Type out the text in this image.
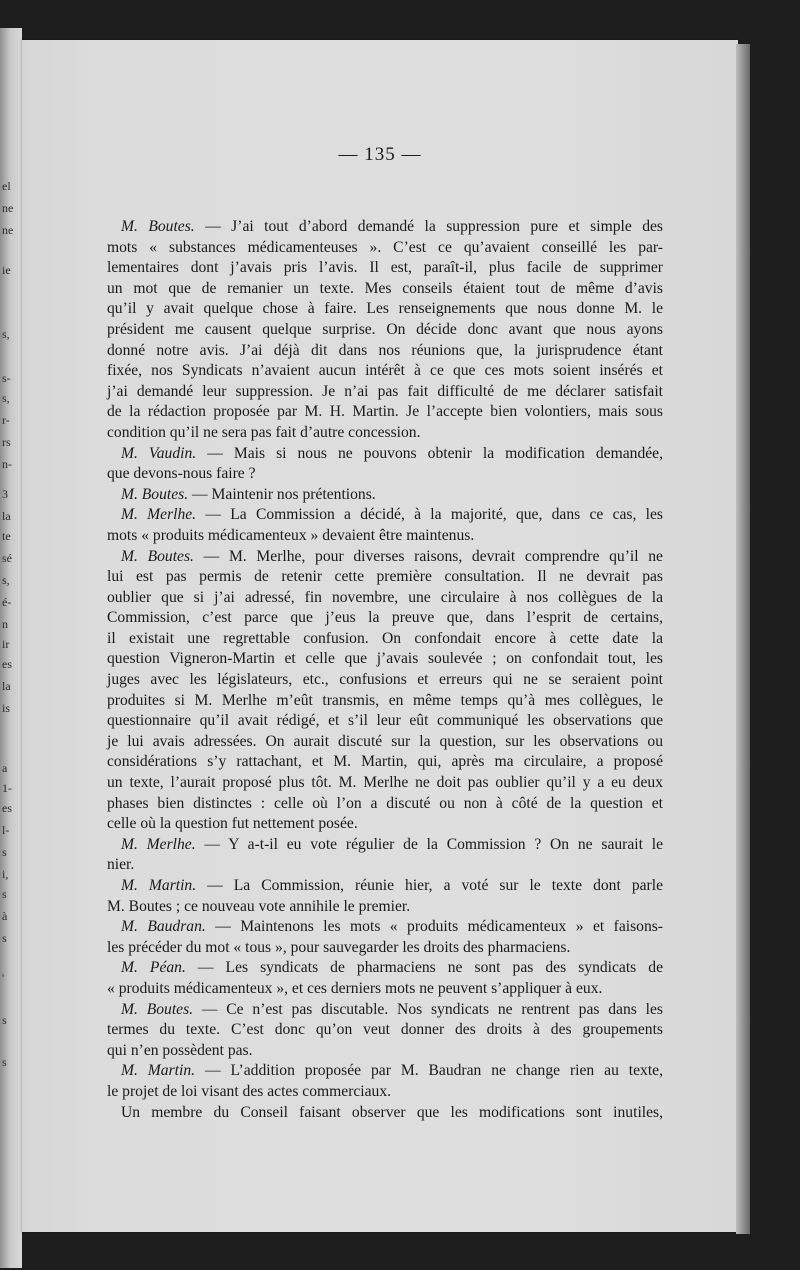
el
ne
ne
ie
s,
s-
s,
r-
rs
n-
3
la
te
sé
s,
é-
n
ir
es
la
is
a
1-
es
l-
s
i,
s
à
s
'
s
s
— 135 —
M. Boutes. — J’ai tout d’abord demandé la suppression pure et simple des
mots « substances médicamenteuses ». C’est ce qu’avaient conseillé les par-
lementaires dont j’avais pris l’avis. Il est, paraît-il, plus facile de supprimer
un mot que de remanier un texte. Mes conseils étaient tout de même d’avis
qu’il y avait quelque chose à faire. Les renseignements que nous donne M. le
président me causent quelque surprise. On décide donc avant que nous ayons
donné notre avis. J’ai déjà dit dans nos réunions que, la jurisprudence étant
fixée, nos Syndicats n’avaient aucun intérêt à ce que ces mots soient insérés et
j’ai demandé leur suppression. Je n’ai pas fait difficulté de me déclarer satisfait
de la rédaction proposée par M. H. Martin. Je l’accepte bien volontiers, mais sous
condition qu’il ne sera pas fait d’autre concession.
M. Vaudin. — Mais si nous ne pouvons obtenir la modification demandée,
que devons-nous faire ?
M. Boutes. — Maintenir nos prétentions.
M. Merlhe. — La Commission a décidé, à la majorité, que, dans ce cas, les
mots « produits médicamenteux » devaient être maintenus.
M. Boutes. — M. Merlhe, pour diverses raisons, devrait comprendre qu’il ne
lui est pas permis de retenir cette première consultation. Il ne devrait pas
oublier que si j’ai adressé, fin novembre, une circulaire à nos collègues de la
Commission, c’est parce que j’eus la preuve que, dans l’esprit de certains,
il existait une regrettable confusion. On confondait encore à cette date la
question Vigneron-Martin et celle que j’avais soulevée ; on confondait tout, les
juges avec les législateurs, etc., confusions et erreurs qui ne se seraient point
produites si M. Merlhe m’eût transmis, en même temps qu’à mes collègues, le
questionnaire qu’il avait rédigé, et s’il leur eût communiqué les observations que
je lui avais adressées. On aurait discuté sur la question, sur les observations ou
considérations s’y rattachant, et M. Martin, qui, après ma circulaire, a proposé
un texte, l’aurait proposé plus tôt. M. Merlhe ne doit pas oublier qu’il y a eu deux
phases bien distinctes : celle où l’on a discuté ou non à côté de la question et
celle où la question fut nettement posée.
M. Merlhe. — Y a-t-il eu vote régulier de la Commission ? On ne saurait le
nier.
M. Martin. — La Commission, réunie hier, a voté sur le texte dont parle
M. Boutes ; ce nouveau vote annihile le premier.
M. Baudran. — Maintenons les mots « produits médicamenteux » et faisons-
les précéder du mot « tous », pour sauvegarder les droits des pharmaciens.
M. Péan. — Les syndicats de pharmaciens ne sont pas des syndicats de
« produits médicamenteux », et ces derniers mots ne peuvent s’appliquer à eux.
M. Boutes. — Ce n’est pas discutable. Nos syndicats ne rentrent pas dans les
termes du texte. C’est donc qu’on veut donner des droits à des groupements
qui n’en possèdent pas.
M. Martin. — L’addition proposée par M. Baudran ne change rien au texte,
le projet de loi visant des actes commerciaux.
Un membre du Conseil faisant observer que les modifications sont inutiles,
